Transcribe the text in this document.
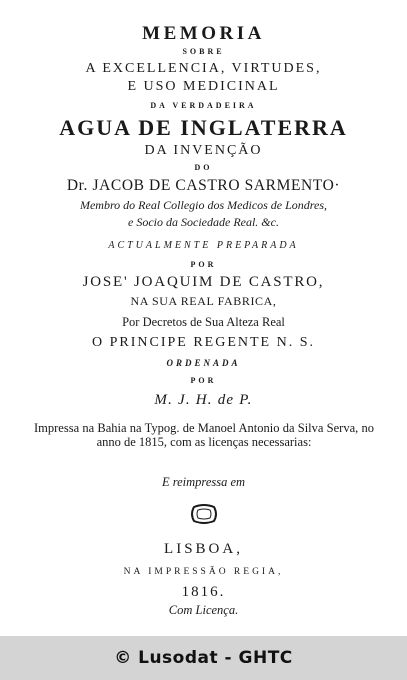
MEMORIA
SOBRE
A EXCELLENCIA, VIRTUDES,
E USO MEDICINAL
DA VERDADEIRA
AGUA DE INGLATERRA
DA INVENÇÃO
DO
Dr. JACOB DE CASTRO SARMENTO·
Membro do Real Collegio dos Medicos de Londres,
e Socio da Sociedade Real. &c.
ACTUALMENTE PREPARADA
POR
JOSE' JOAQUIM DE CASTRO,
NA SUA REAL FABRICA,
Por Decretos de Sua Alteza Real
O PRINCIPE REGENTE N. S.
ORDENADA
POR
M. J. H. de P.
Impressa na Bahia na Typog. de Manoel Antonio da Silva Serva, no anno de 1815, com as licenças necessarias:
E reimpressa em
LISBOA,
NA IMPRESSÃO REGIA,
1816.
Com Licença.
© Lusodat - GHTC
